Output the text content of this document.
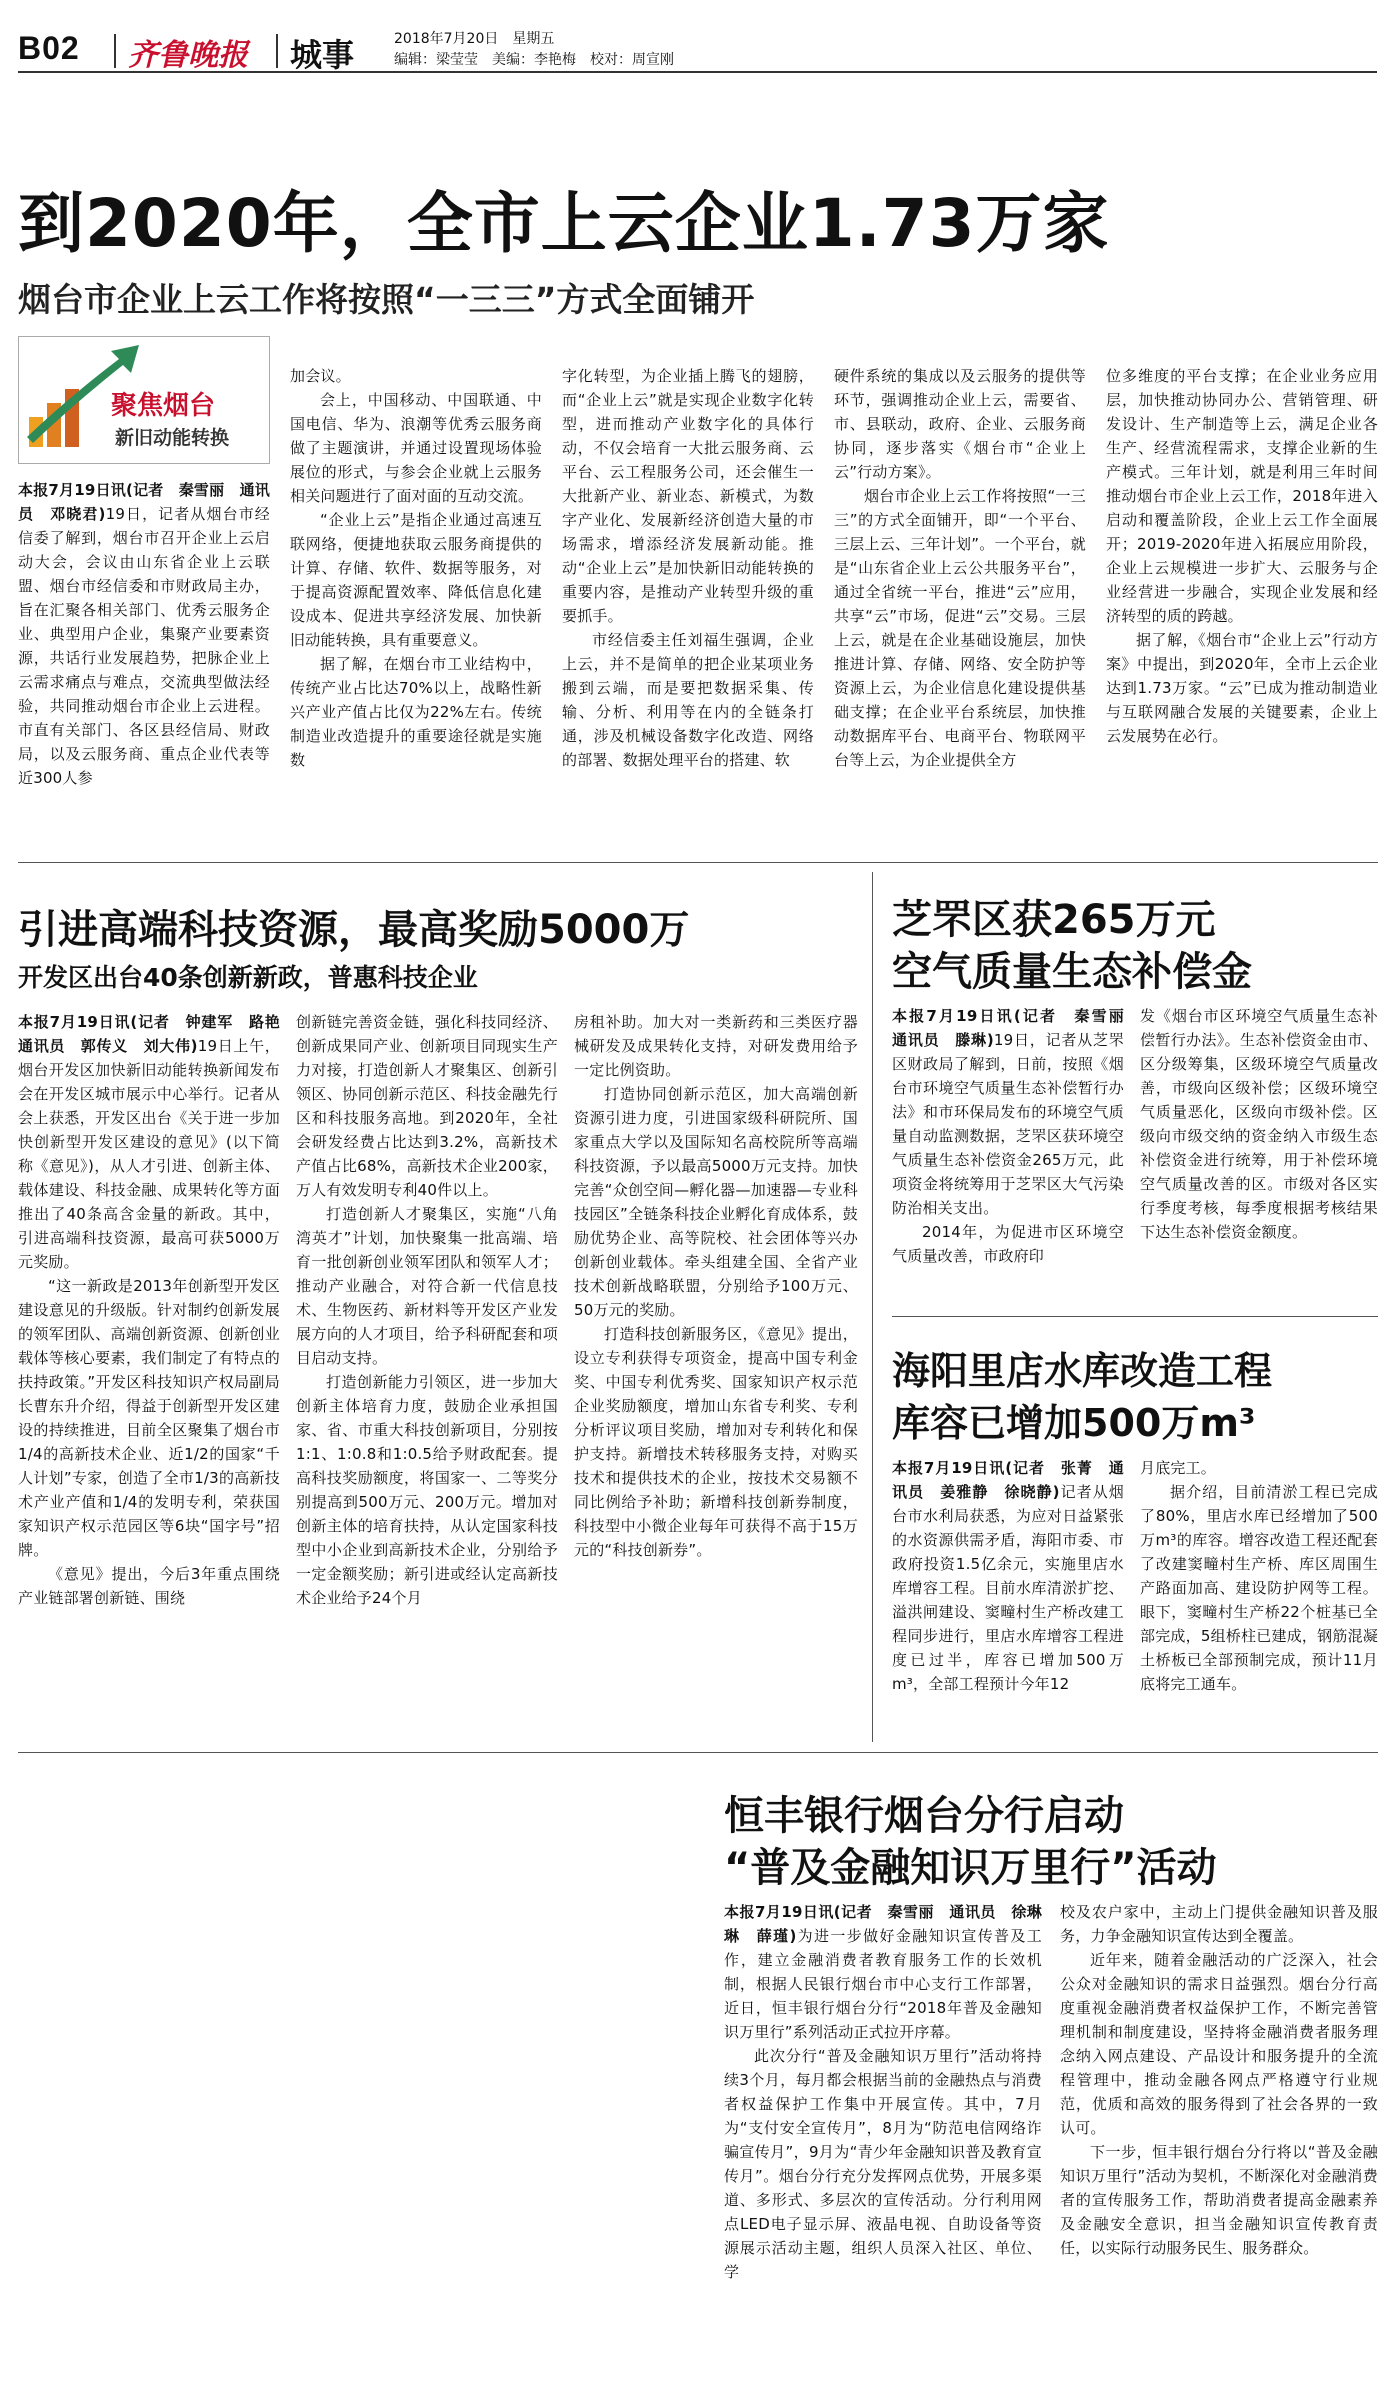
B02 齐鲁晚报 城事	2018年7月20日　星期五
编辑：梁莹莹　美编：李艳梅　校对：周宣刚
到2020年，全市上云企业1.73万家
烟台市企业上云工作将按照“一三三”方式全面铺开
聚焦烟台
新旧动能转换

本报7月19日讯(记者　秦雪丽　通讯员　邓晓君)19日，记者从烟台市经信委了解到，烟台市召开企业上云启动大会，会议由山东省企业上云联盟、烟台市经信委和市财政局主办，旨在汇聚各相关部门、优秀云服务企业、典型用户企业，集聚产业要素资源，共话行业发展趋势，把脉企业上云需求痛点与难点，交流典型做法经验，共同推动烟台市企业上云进程。市直有关部门、各区县经信局、财政局，以及云服务商、重点企业代表等近300人参

加会议。

会上，中国移动、中国联通、中国电信、华为、浪潮等优秀云服务商做了主题演讲，并通过设置现场体验展位的形式，与参会企业就上云服务相关问题进行了面对面的互动交流。

“企业上云”是指企业通过高速互联网络，便捷地获取云服务商提供的计算、存储、软件、数据等服务，对于提高资源配置效率、降低信息化建设成本、促进共享经济发展、加快新旧动能转换，具有重要意义。

据了解，在烟台市工业结构中，传统产业占比达70%以上，战略性新兴产业产值占比仅为22%左右。传统制造业改造提升的重要途径就是实施数

字化转型，为企业插上腾飞的翅膀，而“企业上云”就是实现企业数字化转型，进而推动产业数字化的具体行动，不仅会培育一大批云服务商、云平台、云工程服务公司，还会催生一大批新产业、新业态、新模式，为数字产业化、发展新经济创造大量的市场需求，增添经济发展新动能。推动“企业上云”是加快新旧动能转换的重要内容，是推动产业转型升级的重要抓手。

市经信委主任刘福生强调，企业上云，并不是简单的把企业某项业务搬到云端，而是要把数据采集、传输、分析、利用等在内的全链条打通，涉及机械设备数字化改造、网络的部署、数据处理平台的搭建、软

硬件系统的集成以及云服务的提供等环节，强调推动企业上云，需要省、市、县联动，政府、企业、云服务商协同，逐步落实《烟台市“企业上云”行动方案》。

烟台市企业上云工作将按照“一三三”的方式全面铺开，即“一个平台、三层上云、三年计划”。一个平台，就是“山东省企业上云公共服务平台”，通过全省统一平台，推进“云”应用，共享“云”市场，促进“云”交易。三层上云，就是在企业基础设施层，加快推进计算、存储、网络、安全防护等资源上云，为企业信息化建设提供基础支撑；在企业平台系统层，加快推动数据库平台、电商平台、物联网平台等上云，为企业提供全方

位多维度的平台支撑；在企业业务应用层，加快推动协同办公、营销管理、研发设计、生产制造等上云，满足企业各生产、经营流程需求，支撑企业新的生产模式。三年计划，就是利用三年时间推动烟台市企业上云工作，2018年进入启动和覆盖阶段，企业上云工作全面展开；2019-2020年进入拓展应用阶段，企业上云规模进一步扩大、云服务与企业经营进一步融合，实现企业发展和经济转型的质的跨越。

据了解，《烟台市“企业上云”行动方案》中提出，到2020年，全市上云企业达到1.73万家。“云”已成为推动制造业与互联网融合发展的关键要素，企业上云发展势在必行。

引进高端科技资源，最高奖励5000万
开发区出台40条创新新政，普惠科技企业

本报7月19日讯(记者　钟建军　路艳　通讯员　郭传义　刘大伟)19日上午，烟台开发区加快新旧动能转换新闻发布会在开发区城市展示中心举行。记者从会上获悉，开发区出台《关于进一步加快创新型开发区建设的意见》(以下简称《意见》)，从人才引进、创新主体、载体建设、科技金融、成果转化等方面推出了40条高含金量的新政。其中，引进高端科技资源，最高可获5000万元奖励。

“这一新政是2013年创新型开发区建设意见的升级版。针对制约创新发展的领军团队、高端创新资源、创新创业载体等核心要素，我们制定了有特点的扶持政策。”开发区科技知识产权局副局长曹东升介绍，得益于创新型开发区建设的持续推进，目前全区聚集了烟台市1/4的高新技术企业、近1/2的国家“千人计划”专家，创造了全市1/3的高新技术产业产值和1/4的发明专利，荣获国家知识产权示范园区等6块“国字号”招牌。

《意见》提出，今后3年重点围绕产业链部署创新链、围绕

创新链完善资金链，强化科技同经济、创新成果同产业、创新项目同现实生产力对接，打造创新人才聚集区、创新引领区、协同创新示范区、科技金融先行区和科技服务高地。到2020年，全社会研发经费占比达到3.2%，高新技术产值占比68%，高新技术企业200家，万人有效发明专利40件以上。

打造创新人才聚集区，实施“八角湾英才”计划，加快聚集一批高端、培育一批创新创业领军团队和领军人才；推动产业融合，对符合新一代信息技术、生物医药、新材料等开发区产业发展方向的人才项目，给予科研配套和项目启动支持。

打造创新能力引领区，进一步加大创新主体培育力度，鼓励企业承担国家、省、市重大科技创新项目，分别按1:1、1:0.8和1:0.5给予财政配套。提高科技奖励额度，将国家一、二等奖分别提高到500万元、200万元。增加对创新主体的培育扶持，从认定国家科技型中小企业到高新技术企业，分别给予一定金额奖励；新引进或经认定高新技术企业给予24个月

房租补助。加大对一类新药和三类医疗器械研发及成果转化支持，对研发费用给予一定比例资助。

打造协同创新示范区，加大高端创新资源引进力度，引进国家级科研院所、国家重点大学以及国际知名高校院所等高端科技资源，予以最高5000万元支持。加快完善“众创空间—孵化器—加速器—专业科技园区”全链条科技企业孵化育成体系，鼓励优势企业、高等院校、社会团体等兴办创新创业载体。牵头组建全国、全省产业技术创新战略联盟，分别给予100万元、50万元的奖励。

打造科技创新服务区，《意见》提出，设立专利获得专项资金，提高中国专利金奖、中国专利优秀奖、国家知识产权示范企业奖励额度，增加山东省专利奖、专利分析评议项目奖励，增加对专利转化和保护支持。新增技术转移服务支持，对购买技术和提供技术的企业，按技术交易额不同比例给予补助；新增科技创新券制度，科技型中小微企业每年可获得不高于15万元的“科技创新券”。

芝罘区获265万元
空气质量生态补偿金

本报7月19日讯(记者　秦雪丽　通讯员　滕琳)19日，记者从芝罘区财政局了解到，日前，按照《烟台市环境空气质量生态补偿暂行办法》和市环保局发布的环境空气质量自动监测数据，芝罘区获环境空气质量生态补偿资金265万元，此项资金将统筹用于芝罘区大气污染防治相关支出。

2014年，为促进市区环境空气质量改善，市政府印

发《烟台市区环境空气质量生态补偿暂行办法》。生态补偿资金由市、区分级筹集，区级环境空气质量改善，市级向区级补偿；区级环境空气质量恶化，区级向市级补偿。区级向市级交纳的资金纳入市级生态补偿资金进行统筹，用于补偿环境空气质量改善的区。市级对各区实行季度考核，每季度根据考核结果下达生态补偿资金额度。

海阳里店水库改造工程
库容已增加500万m³

本报7月19日讯(记者　张菁　通讯员　姜雅静　徐晓静)记者从烟台市水利局获悉，为应对日益紧张的水资源供需矛盾，海阳市委、市政府投资1.5亿余元，实施里店水库增容工程。目前水库清淤扩挖、溢洪闸建设、窦疃村生产桥改建工程同步进行，里店水库增容工程进度已过半，库容已增加500万m³，全部工程预计今年12

月底完工。

据介绍，目前清淤工程已完成了80%，里店水库已经增加了500万m³的库容。增容改造工程还配套了改建窦疃村生产桥、库区周围生产路面加高、建设防护网等工程。眼下，窦疃村生产桥22个桩基已全部完成，5组桥柱已建成，钢筋混凝土桥板已全部预制完成，预计11月底将完工通车。

恒丰银行烟台分行启动
“普及金融知识万里行”活动

本报7月19日讯(记者　秦雪丽　通讯员　徐琳琳　薛瑾)为进一步做好金融知识宣传普及工作，建立金融消费者教育服务工作的长效机制，根据人民银行烟台市中心支行工作部署，近日，恒丰银行烟台分行“2018年普及金融知识万里行”系列活动正式拉开序幕。

此次分行“普及金融知识万里行”活动将持续3个月，每月都会根据当前的金融热点与消费者权益保护工作集中开展宣传。其中，7月为“支付安全宣传月”，8月为“防范电信网络诈骗宣传月”，9月为“青少年金融知识普及教育宣传月”。烟台分行充分发挥网点优势，开展多渠道、多形式、多层次的宣传活动。分行利用网点LED电子显示屏、液晶电视、自助设备等资源展示活动主题，组织人员深入社区、单位、学

校及农户家中，主动上门提供金融知识普及服务，力争金融知识宣传达到全覆盖。

近年来，随着金融活动的广泛深入，社会公众对金融知识的需求日益强烈。烟台分行高度重视金融消费者权益保护工作，不断完善管理机制和制度建设，坚持将金融消费者服务理念纳入网点建设、产品设计和服务提升的全流程管理中，推动金融各网点严格遵守行业规范，优质和高效的服务得到了社会各界的一致认可。

下一步，恒丰银行烟台分行将以“普及金融知识万里行”活动为契机，不断深化对金融消费者的宣传服务工作，帮助消费者提高金融素养及金融安全意识，担当金融知识宣传教育责任，以实际行动服务民生、服务群众。
